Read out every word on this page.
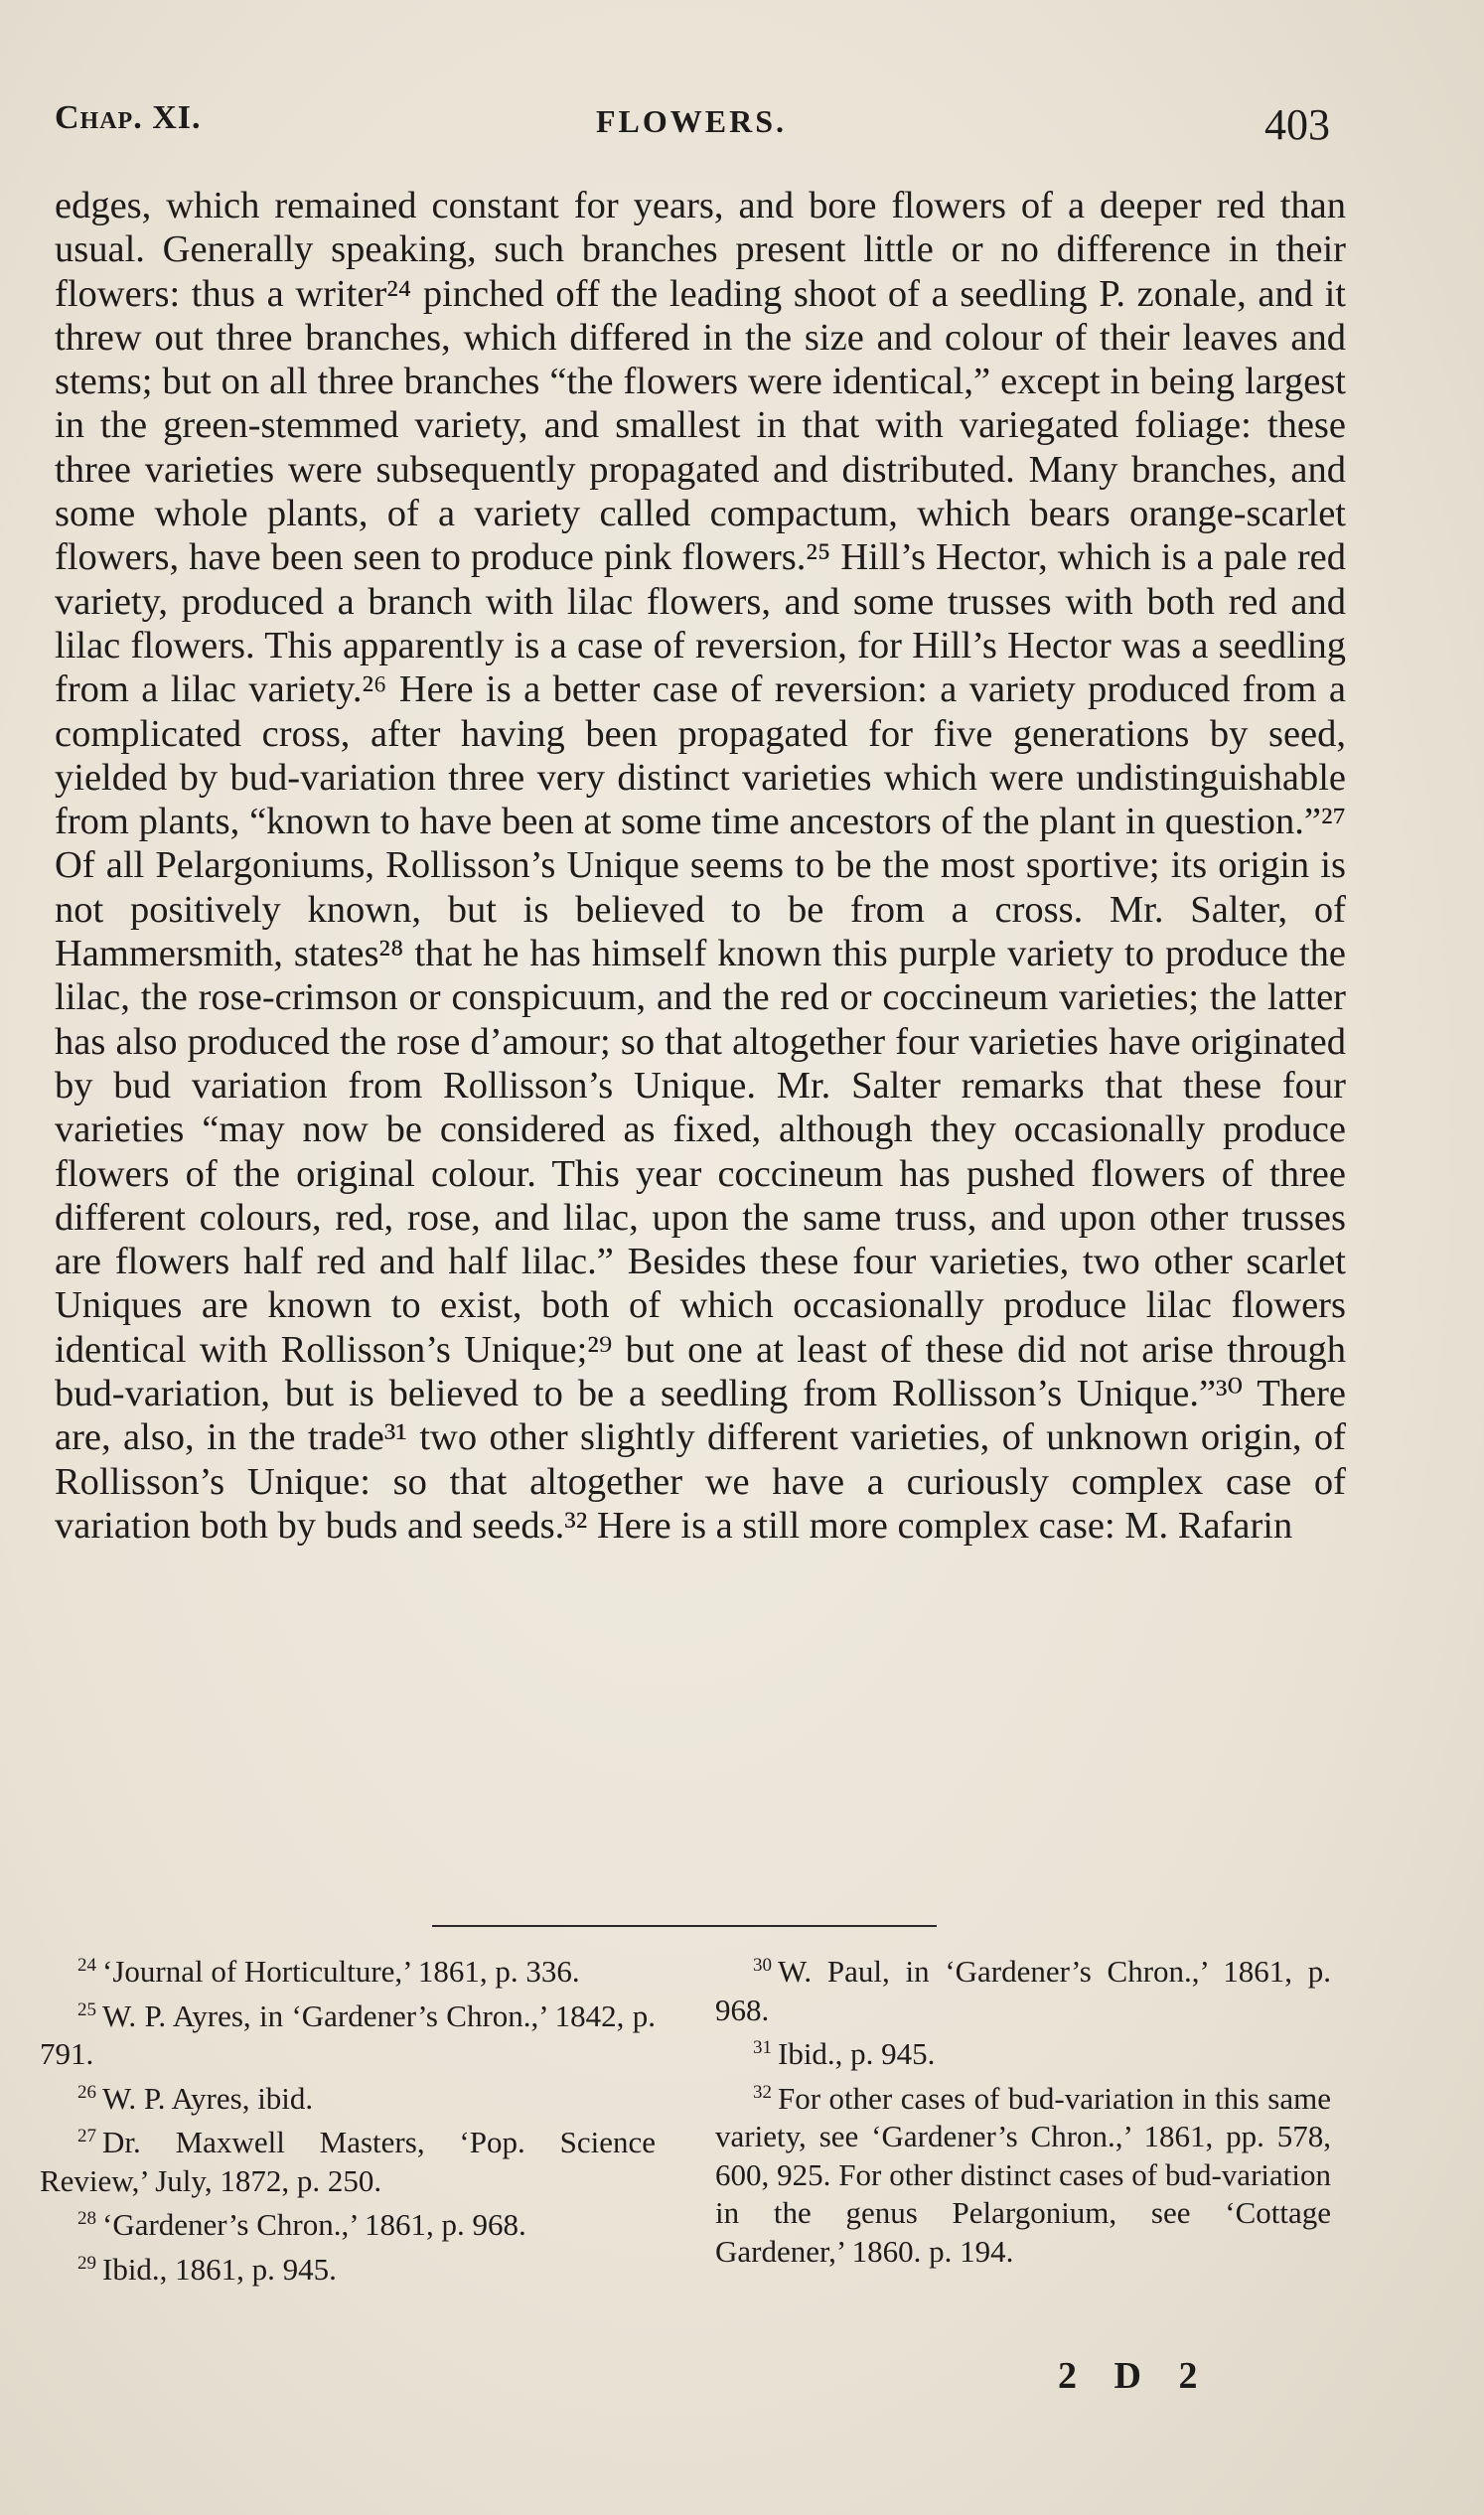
Chap. XI.	FLOWERS.	403

edges, which remained constant for years, and bore flowers of a deeper red than usual. Generally speaking, such branches present little or no difference in their flowers: thus a writer²⁴ pinched off the leading shoot of a seedling P. zonale, and it threw out three branches, which differed in the size and colour of their leaves and stems; but on all three branches “the flowers were identical,” except in being largest in the green-stemmed variety, and smallest in that with variegated foliage: these three varieties were subsequently propagated and distributed. Many branches, and some whole plants, of a variety called compactum, which bears orange-scarlet flowers, have been seen to produce pink flowers.²⁵ Hill’s Hector, which is a pale red variety, produced a branch with lilac flowers, and some trusses with both red and lilac flowers. This apparently is a case of reversion, for Hill’s Hector was a seedling from a lilac variety.²⁶ Here is a better case of reversion: a variety produced from a complicated cross, after having been propagated for five generations by seed, yielded by bud-variation three very distinct varieties which were undistinguishable from plants, “known to have been at some time ancestors of the plant in question.”²⁷ Of all Pelargoniums, Rollisson’s Unique seems to be the most sportive; its origin is not positively known, but is believed to be from a cross. Mr. Salter, of Hammersmith, states²⁸ that he has himself known this purple variety to produce the lilac, the rose-crimson or conspicuum, and the red or coccineum varieties; the latter has also produced the rose d’amour; so that altogether four varieties have originated by bud variation from Rollisson’s Unique. Mr. Salter remarks that these four varieties “may now be considered as fixed, although they occasionally produce flowers of the original colour. This year coccineum has pushed flowers of three different colours, red, rose, and lilac, upon the same truss, and upon other trusses are flowers half red and half lilac.” Besides these four varieties, two other scarlet Uniques are known to exist, both of which occasionally produce lilac flowers identical with Rollisson’s Unique;²⁹ but one at least of these did not arise through bud-variation, but is believed to be a seedling from Rollisson’s Unique.”³⁰ There are, also, in the trade³¹ two other slightly different varieties, of unknown origin, of Rollisson’s Unique: so that altogether we have a curiously complex case of variation both by buds and seeds.³² Here is a still more complex case: M. Rafarin

$^{24}$ ‘Journal of Horticulture,’ 1861, p. 336.

$^{25}$ W. P. Ayres, in ‘Gardener’s Chron.,’ 1842, p. 791.

$^{26}$ W. P. Ayres, ibid.

$^{27}$ Dr. Maxwell Masters, ‘Pop. Science Review,’ July, 1872, p. 250.

$^{28}$ ‘Gardener’s Chron.,’ 1861, p. 968.

$^{29}$ Ibid., 1861, p. 945.

$^{30}$ W. Paul, in ‘Gardener’s Chron.,’ 1861, p. 968.

$^{31}$ Ibid., p. 945.

$^{32}$ For other cases of bud-variation in this same variety, see ‘Gardener’s Chron.,’ 1861, pp. 578, 600, 925. For other distinct cases of bud-variation in the genus Pelargonium, see ‘Cottage Gardener,’ 1860. p. 194.

2 D 2
